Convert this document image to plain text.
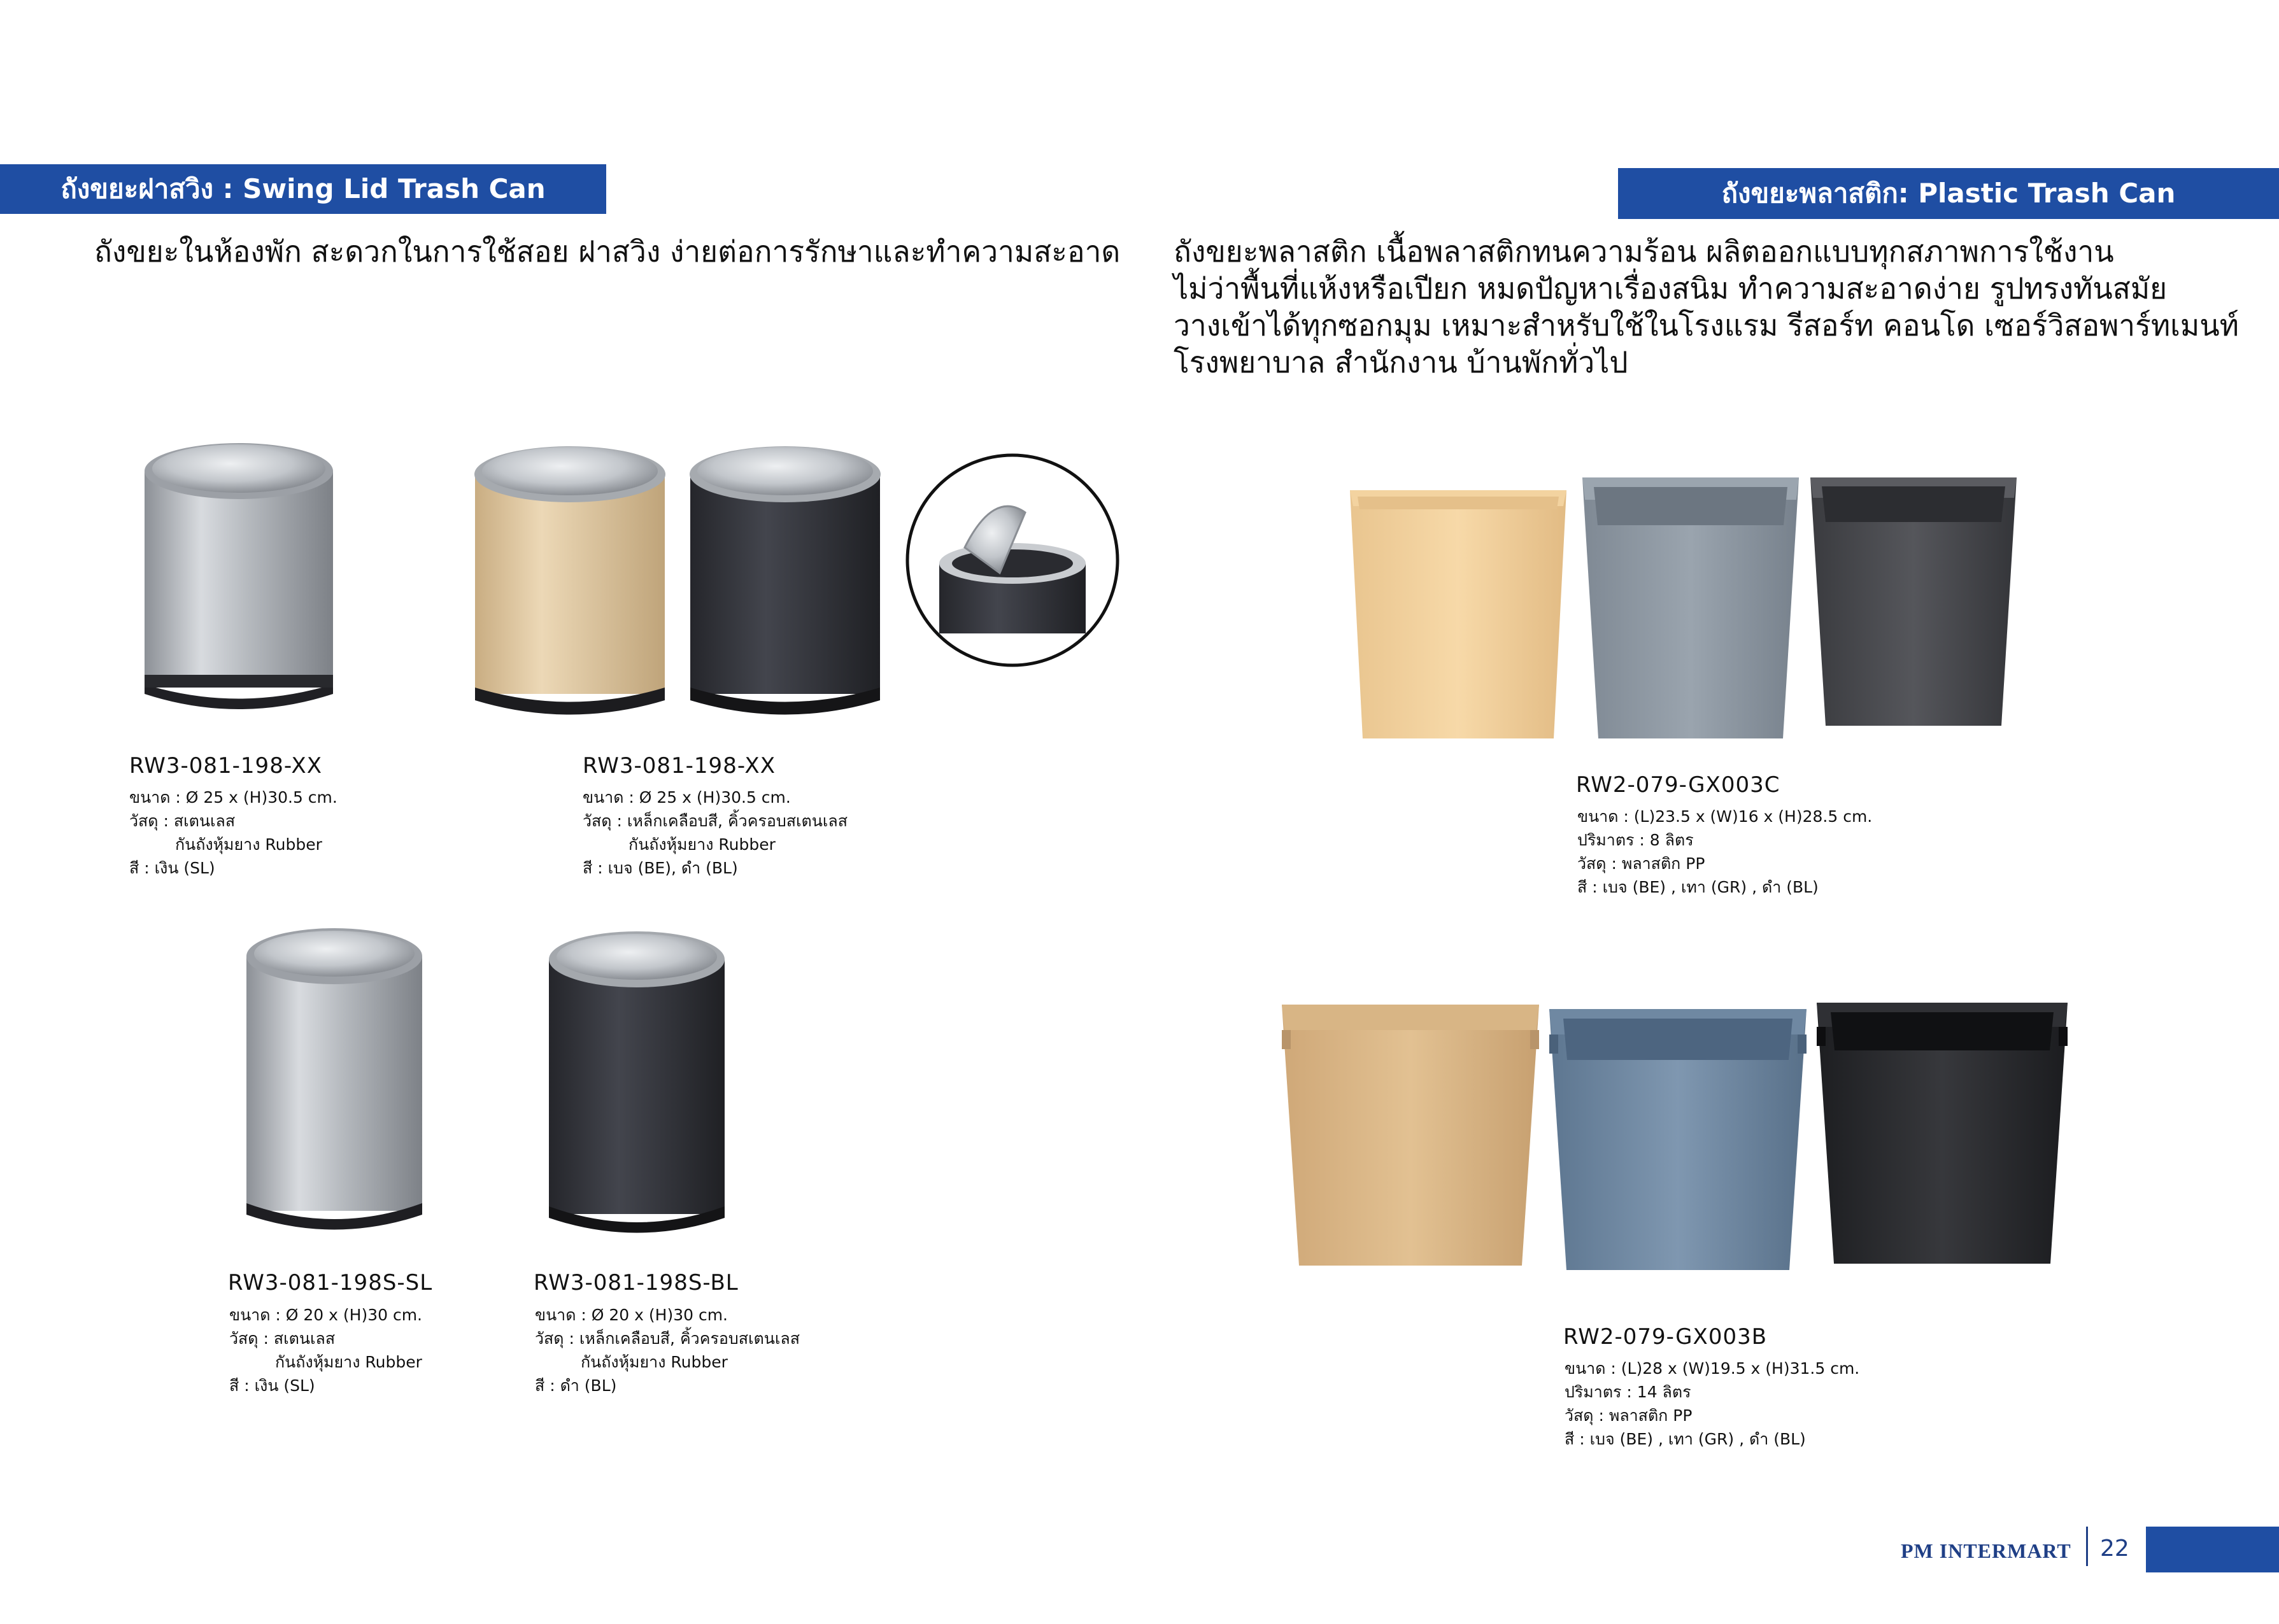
ถังขยะฝาสวิง : Swing Lid Trash Can
ถังขยะในห้องพัก สะดวกในการใช้สอย ฝาสวิง ง่ายต่อการรักษาและทำความสะอาด
ถังขยะพลาสติก: Plastic Trash Can
ถังขยะพลาสติก เนื้อพลาสติกทนความร้อน ผลิตออกแบบทุกสภาพการใช้งาน
ไม่ว่าพื้นที่แห้งหรือเปียก หมดปัญหาเรื่องสนิม ทำความสะอาดง่าย รูปทรงทันสมัย
วางเข้าได้ทุกซอกมุม เหมาะสำหรับใช้ในโรงแรม รีสอร์ท คอนโด เซอร์วิสอพาร์ทเมนท์
โรงพยาบาล สำนักงาน บ้านพักทั่วไป
RW3-081-198-XX
ขนาด : Ø 25 x (H)30.5 cm.
วัสดุ : สเตนเลส
กันถังหุ้มยาง Rubber
สี : เงิน (SL)
RW3-081-198-XX
ขนาด : Ø 25 x (H)30.5 cm.
วัสดุ : เหล็กเคลือบสี, คิ้วครอบสเตนเลส
กันถังหุ้มยาง Rubber
สี : เบจ (BE), ดำ (BL)
RW3-081-198S-SL
ขนาด : Ø 20 x (H)30 cm.
วัสดุ : สเตนเลส
กันถังหุ้มยาง Rubber
สี : เงิน (SL)
RW3-081-198S-BL
ขนาด : Ø 20 x (H)30 cm.
วัสดุ : เหล็กเคลือบสี, คิ้วครอบสเตนเลส
กันถังหุ้มยาง Rubber
สี : ดำ (BL)
RW2-079-GX003C
ขนาด : (L)23.5 x (W)16 x (H)28.5 cm.
ปริมาตร : 8 ลิตร
วัสดุ : พลาสติก PP
สี : เบจ (BE) , เทา (GR) , ดำ (BL)
RW2-079-GX003B
ขนาด : (L)28 x (W)19.5 x (H)31.5 cm.
ปริมาตร : 14 ลิตร
วัสดุ : พลาสติก PP
สี : เบจ (BE) , เทา (GR) , ดำ (BL)
PM INTERMART 22
